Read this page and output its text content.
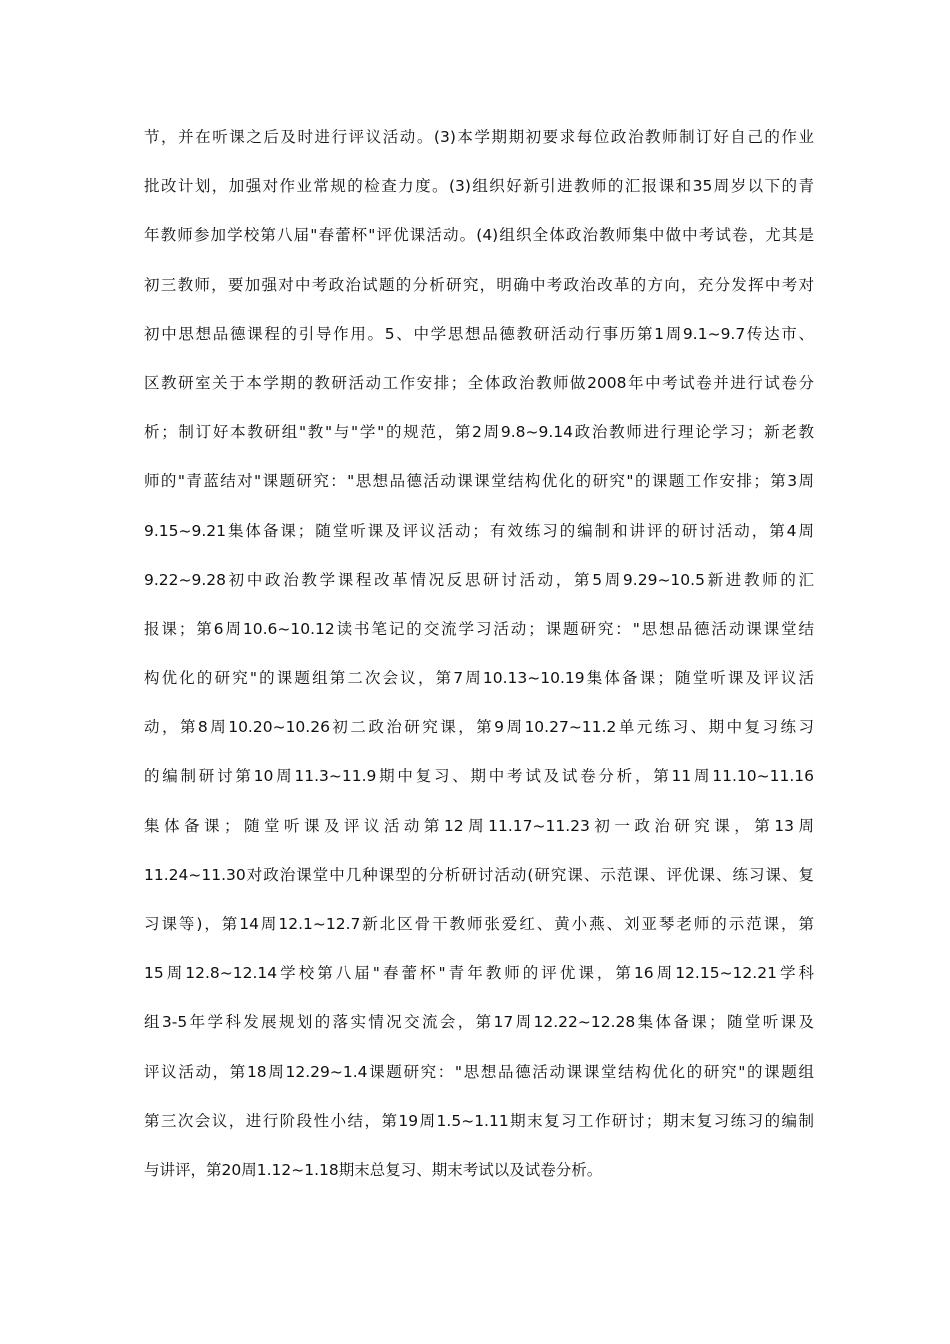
节，并在听课之后及时进行评议活动。(3)本学期期初要求每位政治教师制订好自己的作业
批改计划，加强对作业常规的检查力度。(3)组织好新引进教师的汇报课和35周岁以下的青
年教师参加学校第八届"春蕾杯"评优课活动。(4)组织全体政治教师集中做中考试卷，尤其是
初三教师，要加强对中考政治试题的分析研究，明确中考政治改革的方向，充分发挥中考对
初中思想品德课程的引导作用。5、中学思想品德教研活动行事历第1周9.1~9.7传达市、
区教研室关于本学期的教研活动工作安排；全体政治教师做2008年中考试卷并进行试卷分
析；制订好本教研组"教"与"学"的规范，第2周9.8~9.14政治教师进行理论学习；新老教
师的"青蓝结对"课题研究："思想品德活动课课堂结构优化的研究"的课题工作安排；第3周
9.15~9.21集体备课；随堂听课及评议活动；有效练习的编制和讲评的研讨活动，第4周
9.22~9.28初中政治教学课程改革情况反思研讨活动，第5周9.29~10.5新进教师的汇
报课；第6周10.6~10.12读书笔记的交流学习活动；课题研究："思想品德活动课课堂结
构优化的研究"的课题组第二次会议，第7周10.13~10.19集体备课；随堂听课及评议活
动，第8周10.20~10.26初二政治研究课，第9周10.27~11.2单元练习、期中复习练习
的编制研讨第10周11.3~11.9期中复习、期中考试及试卷分析，第11周11.10~11.16
集体备课；随堂听课及评议活动第12周11.17~11.23初一政治研究课，第13周
11.24~11.30对政治课堂中几种课型的分析研讨活动(研究课、示范课、评优课、练习课、复
习课等)，第14周12.1~12.7新北区骨干教师张爱红、黄小燕、刘亚琴老师的示范课，第
15周12.8~12.14学校第八届"春蕾杯"青年教师的评优课，第16周12.15~12.21学科
组3-5年学科发展规划的落实情况交流会，第17周12.22~12.28集体备课；随堂听课及
评议活动，第18周12.29~1.4课题研究："思想品德活动课课堂结构优化的研究"的课题组
第三次会议，进行阶段性小结，第19周1.5~1.11期末复习工作研讨；期末复习练习的编制
与讲评，第20周1.12~1.18期末总复习、期末考试以及试卷分析。
